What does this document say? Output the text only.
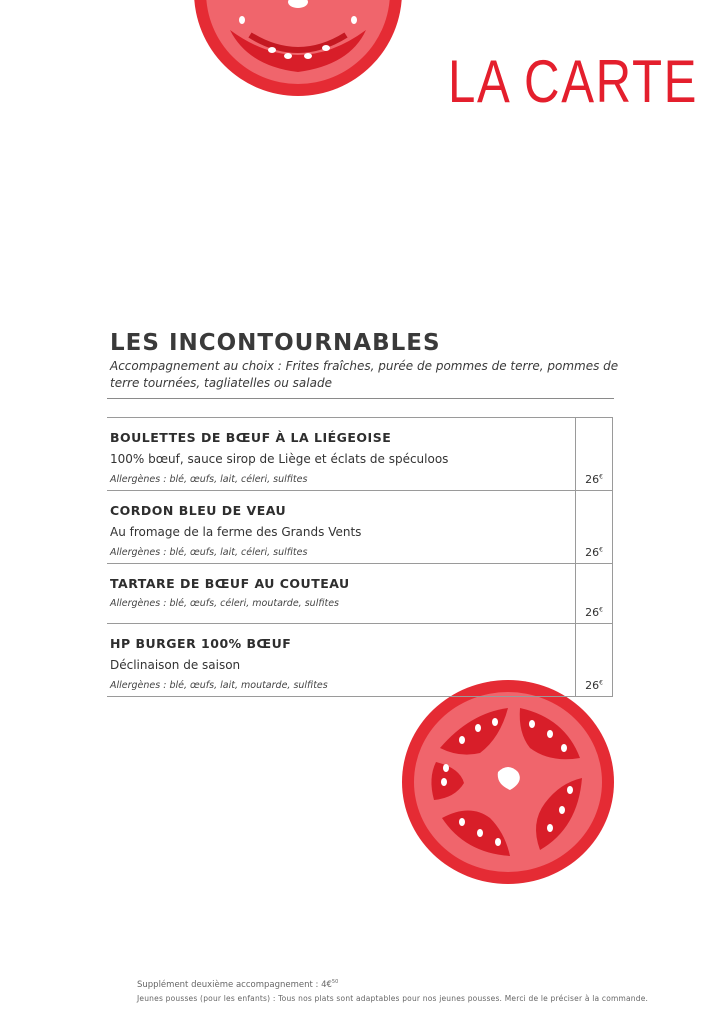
LA CARTE
LES INCONTOURNABLES
Accompagnement au choix : Frites fraîches, purée de pommes de terre, pommes de terre tournées, tagliatelles ou salade
BOULETTES DE BŒUF À LA LIÉGEOISE
100% bœuf, sauce sirop de Liège et éclats de spéculoos
Allergènes : blé, œufs, lait, céleri, sulfites	26€

CORDON BLEU DE VEAU
Au fromage de la ferme des Grands Vents
Allergènes : blé, œufs, lait, céleri, sulfites	26€

TARTARE DE BŒUF AU COUTEAU
Allergènes : blé, œufs, céleri, moutarde, sulfites	26€

HP BURGER 100% BŒUF
Déclinaison de saison
Allergènes : blé, œufs, lait, moutarde, sulfites	26€
Supplément deuxième accompagnement : 4€$^{50}$
Jeunes pousses (pour les enfants) : Tous nos plats sont adaptables pour nos jeunes pousses. Merci de le préciser à la commande.
